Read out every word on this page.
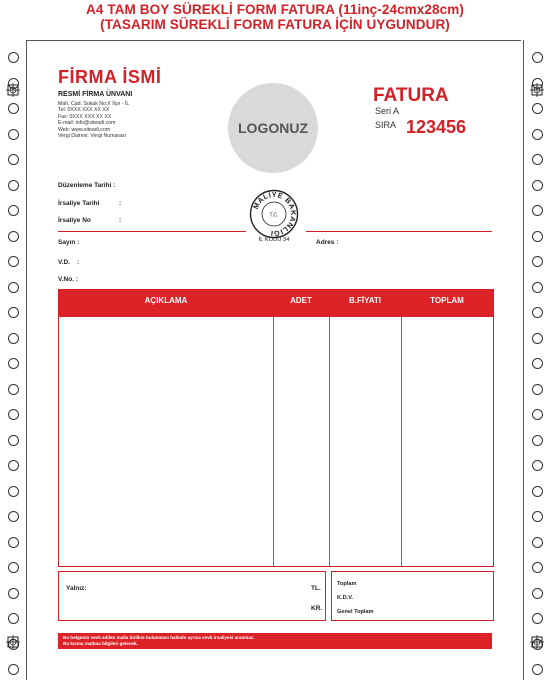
A4 TAM BOY SÜREKLİ FORM FATURA (11inç-24cmx28cm)
(TASARIM SÜREKLİ FORM FATURA İÇİN UYGUNDUR)
FİRMA İSMİ
RESMİ FİRMA ÜNVANI
Mah. Cad. Sokak No:X İlçe - İL
Tel: 0XXX XXX XX XX
Fax: 0XXX XXX XX XX
E-mail: info@siteadi.com
Web: www.siteadi.com
Vergi Dairesi: Vergi Numarası
LOGONUZ
FATURA
Seri A
SIRA 123456
Düzenleme Tarihi :
İrsaliye Tarihi	:
İrsaliye No	:
MALİYE BAKANLIĞI
T.C.
İL KODU 34
Sayın :	Adres :
V.D. :
V.No. :
AÇIKLAMA	ADET	B.FİYATI	TOPLAM
Yalnız:	TL.
KR.
Toplam
K.D.V.
Genel Toplam
Bu belgenin sevk edilen malla birlikte bulunması halinde ayrıca sevk irsaliyesi aranmaz.
Bu kısma matbaa bilgileri gelecek.
